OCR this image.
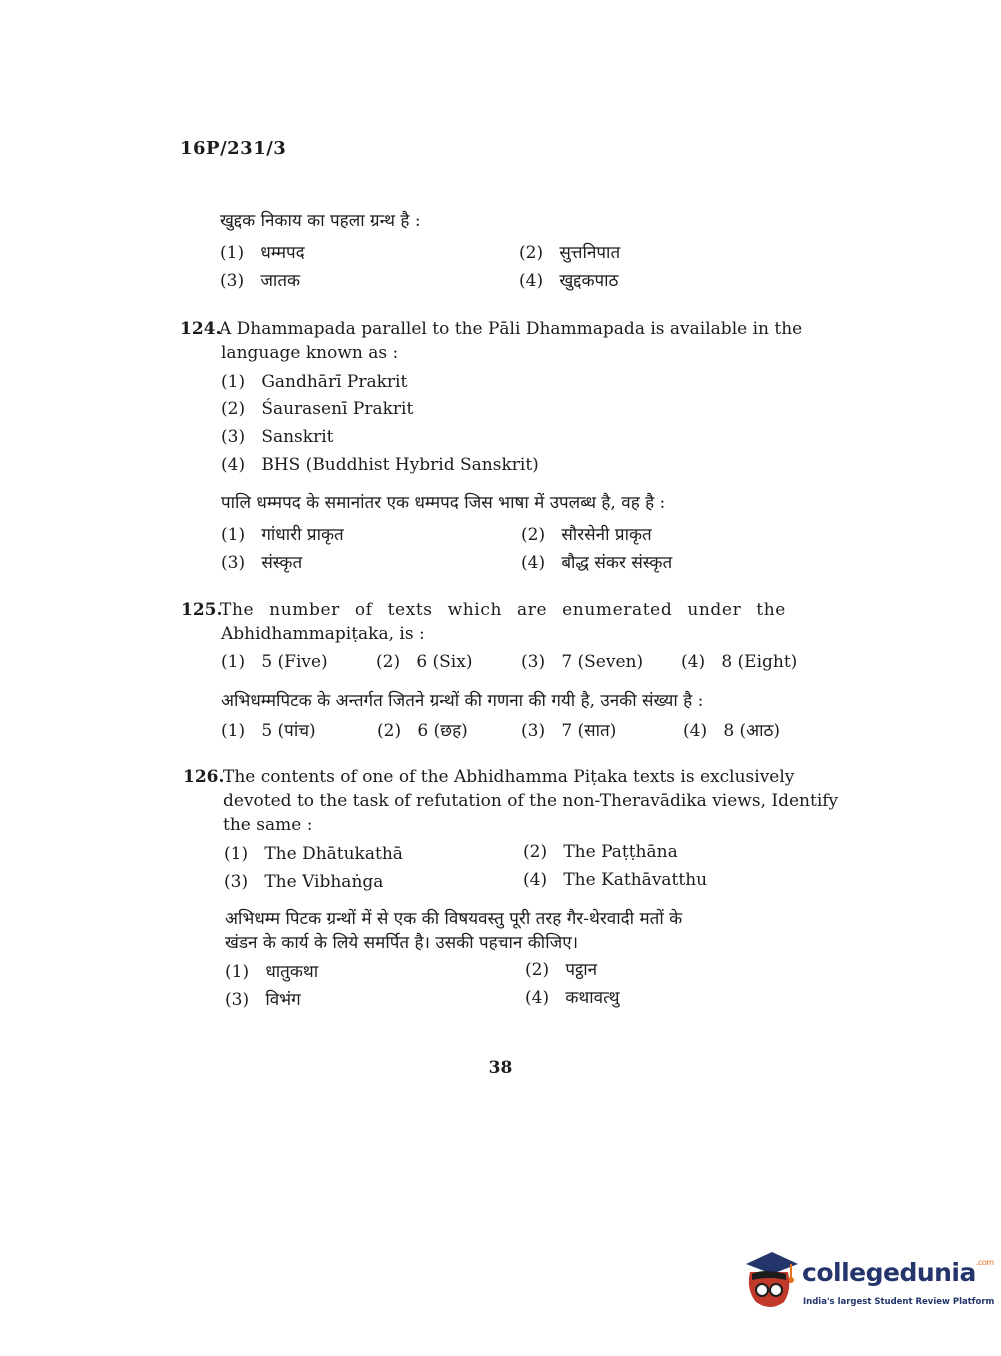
16P/231/3
खुद्दक निकाय का पहला ग्रन्थ है :
(1) धम्मपद	(2) सुत्तनिपात
(3) जातक	(4) खुद्दकपाठ
124.
A Dhammapada parallel to the Pāli Dhammapada is available in the
language known as :
(1) Gandhārī Prakrit
(2) Śaurasenī Prakrit
(3) Sanskrit
(4) BHS (Buddhist Hybrid Sanskrit)
पालि धम्मपद के समानांतर एक धम्मपद जिस भाषा में उपलब्ध है, वह है :
(1) गांधारी प्राकृत	(2) सौरसेनी प्राकृत
(3) संस्कृत	(4) बौद्ध संकर संस्कृत
125.
The number of texts which are enumerated under the
Abhidhammapiṭaka, is :
(1) 5 (Five)	(2) 6 (Six)	(3) 7 (Seven) (4) 8 (Eight)
अभिधम्मपिटक के अन्तर्गत जितने ग्रन्थों की गणना की गयी है, उनकी संख्या है :
(1) 5 (पांच)	(2) 6 (छह)	(3) 7 (सात)	(4) 8 (आठ)
126.
The contents of one of the Abhidhamma Piṭaka texts is exclusively
devoted to the task of refutation of the non-Theravādika views, Identify
the same :
(1) The Dhātukathā	(2) The Paṭṭhāna
(3) The Vibhaṅga	(4) The Kathāvatthu
अभिधम्म पिटक ग्रन्थों में से एक की विषयवस्तु पूरी तरह गैर-थेरवादी मतों के
खंडन के कार्य के लिये समर्पित है। उसकी पहचान कीजिए।
(1) धातुकथा	(2) पट्ठान
(3) विभंग	(4) कथावत्थु
38
collegedunia$^{.com}$
India's largest Student Review Platform
